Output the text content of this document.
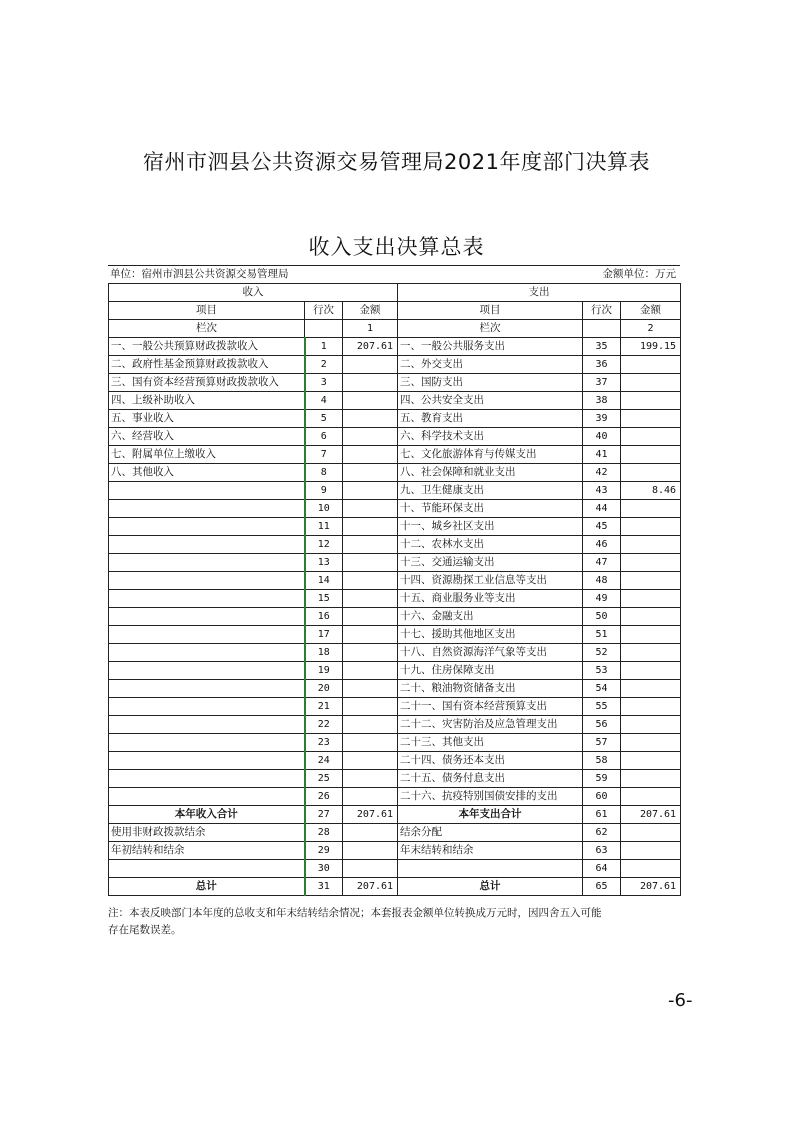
宿州市泗县公共资源交易管理局2021年度部门决算表
收入支出决算总表
单位：宿州市泗县公共资源交易管理局	金额单位：万元
收入			支出		
项目	行次	金额	项目	行次	金额
栏次		1	栏次		2
一、一般公共预算财政拨款收入	1	207.61	一、一般公共服务支出	35	199.15
二、政府性基金预算财政拨款收入	2		二、外交支出	36	
三、国有资本经营预算财政拨款收入	3		三、国防支出	37	
四、上级补助收入	4		四、公共安全支出	38	
五、事业收入	5		五、教育支出	39	
六、经营收入	6		六、科学技术支出	40	
七、附属单位上缴收入	7		七、文化旅游体育与传媒支出	41	
八、其他收入	8		八、社会保障和就业支出	42	
	9		九、卫生健康支出	43	8.46
	10		十、节能环保支出	44	
	11		十一、城乡社区支出	45	
	12		十二、农林水支出	46	
	13		十三、交通运输支出	47	
	14		十四、资源勘探工业信息等支出	48	
	15		十五、商业服务业等支出	49	
	16		十六、金融支出	50	
	17		十七、援助其他地区支出	51	
	18		十八、自然资源海洋气象等支出	52	
	19		十九、住房保障支出	53	
	20		二十、粮油物资储备支出	54	
	21		二十一、国有资本经营预算支出	55	
	22		二十二、灾害防治及应急管理支出	56	
	23		二十三、其他支出	57	
	24		二十四、债务还本支出	58	
	25		二十五、债务付息支出	59	
	26		二十六、抗疫特别国债安排的支出	60	
本年收入合计	27	207.61	本年支出合计	61	207.61
使用非财政拨款结余	28		结余分配	62	
年初结转和结余	29		年末结转和结余	63	
	30			64	
总计	31	207.61	总计	65	207.61
注：本表反映部门本年度的总收支和年末结转结余情况；本套报表金额单位转换成万元时，因四舍五入可能
存在尾数误差。
-6-
